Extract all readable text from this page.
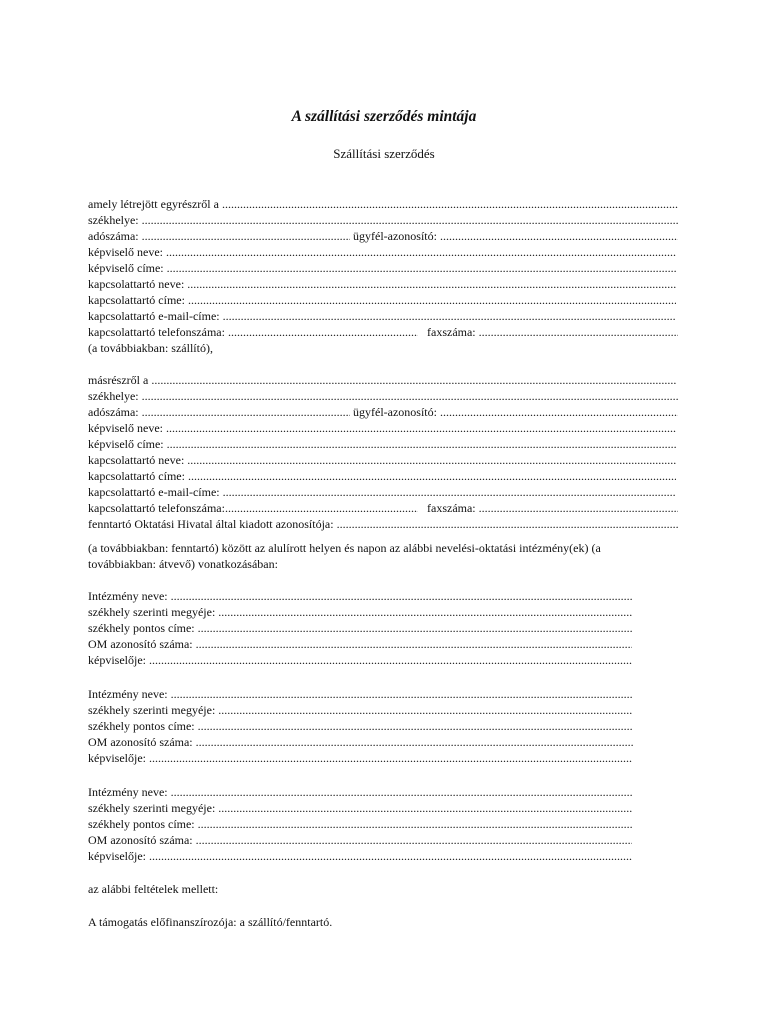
A szállítási szerződés mintája
Szállítási szerződés
amely létrejött egyrészről a

.....
székhelye:

.....
adószáma:
.....
	ügyfél-azonosító:

.....
képviselő neve:

.....
képviselő címe:

.....
kapcsolattartó neve:

.....
kapcsolattartó címe:

.....
kapcsolattartó e-mail-címe:

.....
kapcsolattartó telefonszáma:
.....
	faxszáma:

.....
(a továbbiakban: szállító),
másrészről a

.....
székhelye:

.....
adószáma:
.....
	ügyfél-azonosító:

.....
képviselő neve:

.....
képviselő címe:

.....
kapcsolattartó neve:

.....
kapcsolattartó címe:

.....
kapcsolattartó e-mail-címe:

.....
kapcsolattartó telefonszáma: .....
	faxszáma:

.....
fenntartó Oktatási Hivatal által kiadott azonosítója:

.....
(a továbbiakban: fenntartó) között az alulírott helyen és napon az alábbi nevelési-oktatási intézmény(ek) (a
továbbiakban: átvevő) vonatkozásában:
Intézmény neve:

.....
székhely szerinti megyéje:

.....
székhely pontos címe:

.....
OM azonosító száma:

.....
képviselője:

.....
Intézmény neve:

.....
székhely szerinti megyéje:

.....
székhely pontos címe:

.....
OM azonosító száma:

.....
képviselője:

.....
Intézmény neve:

.....
székhely szerinti megyéje:

.....
székhely pontos címe:

.....
OM azonosító száma:

.....
képviselője:

.....
az alábbi feltételek mellett:
A támogatás előfinanszírozója: a szállító/fenntartó.
